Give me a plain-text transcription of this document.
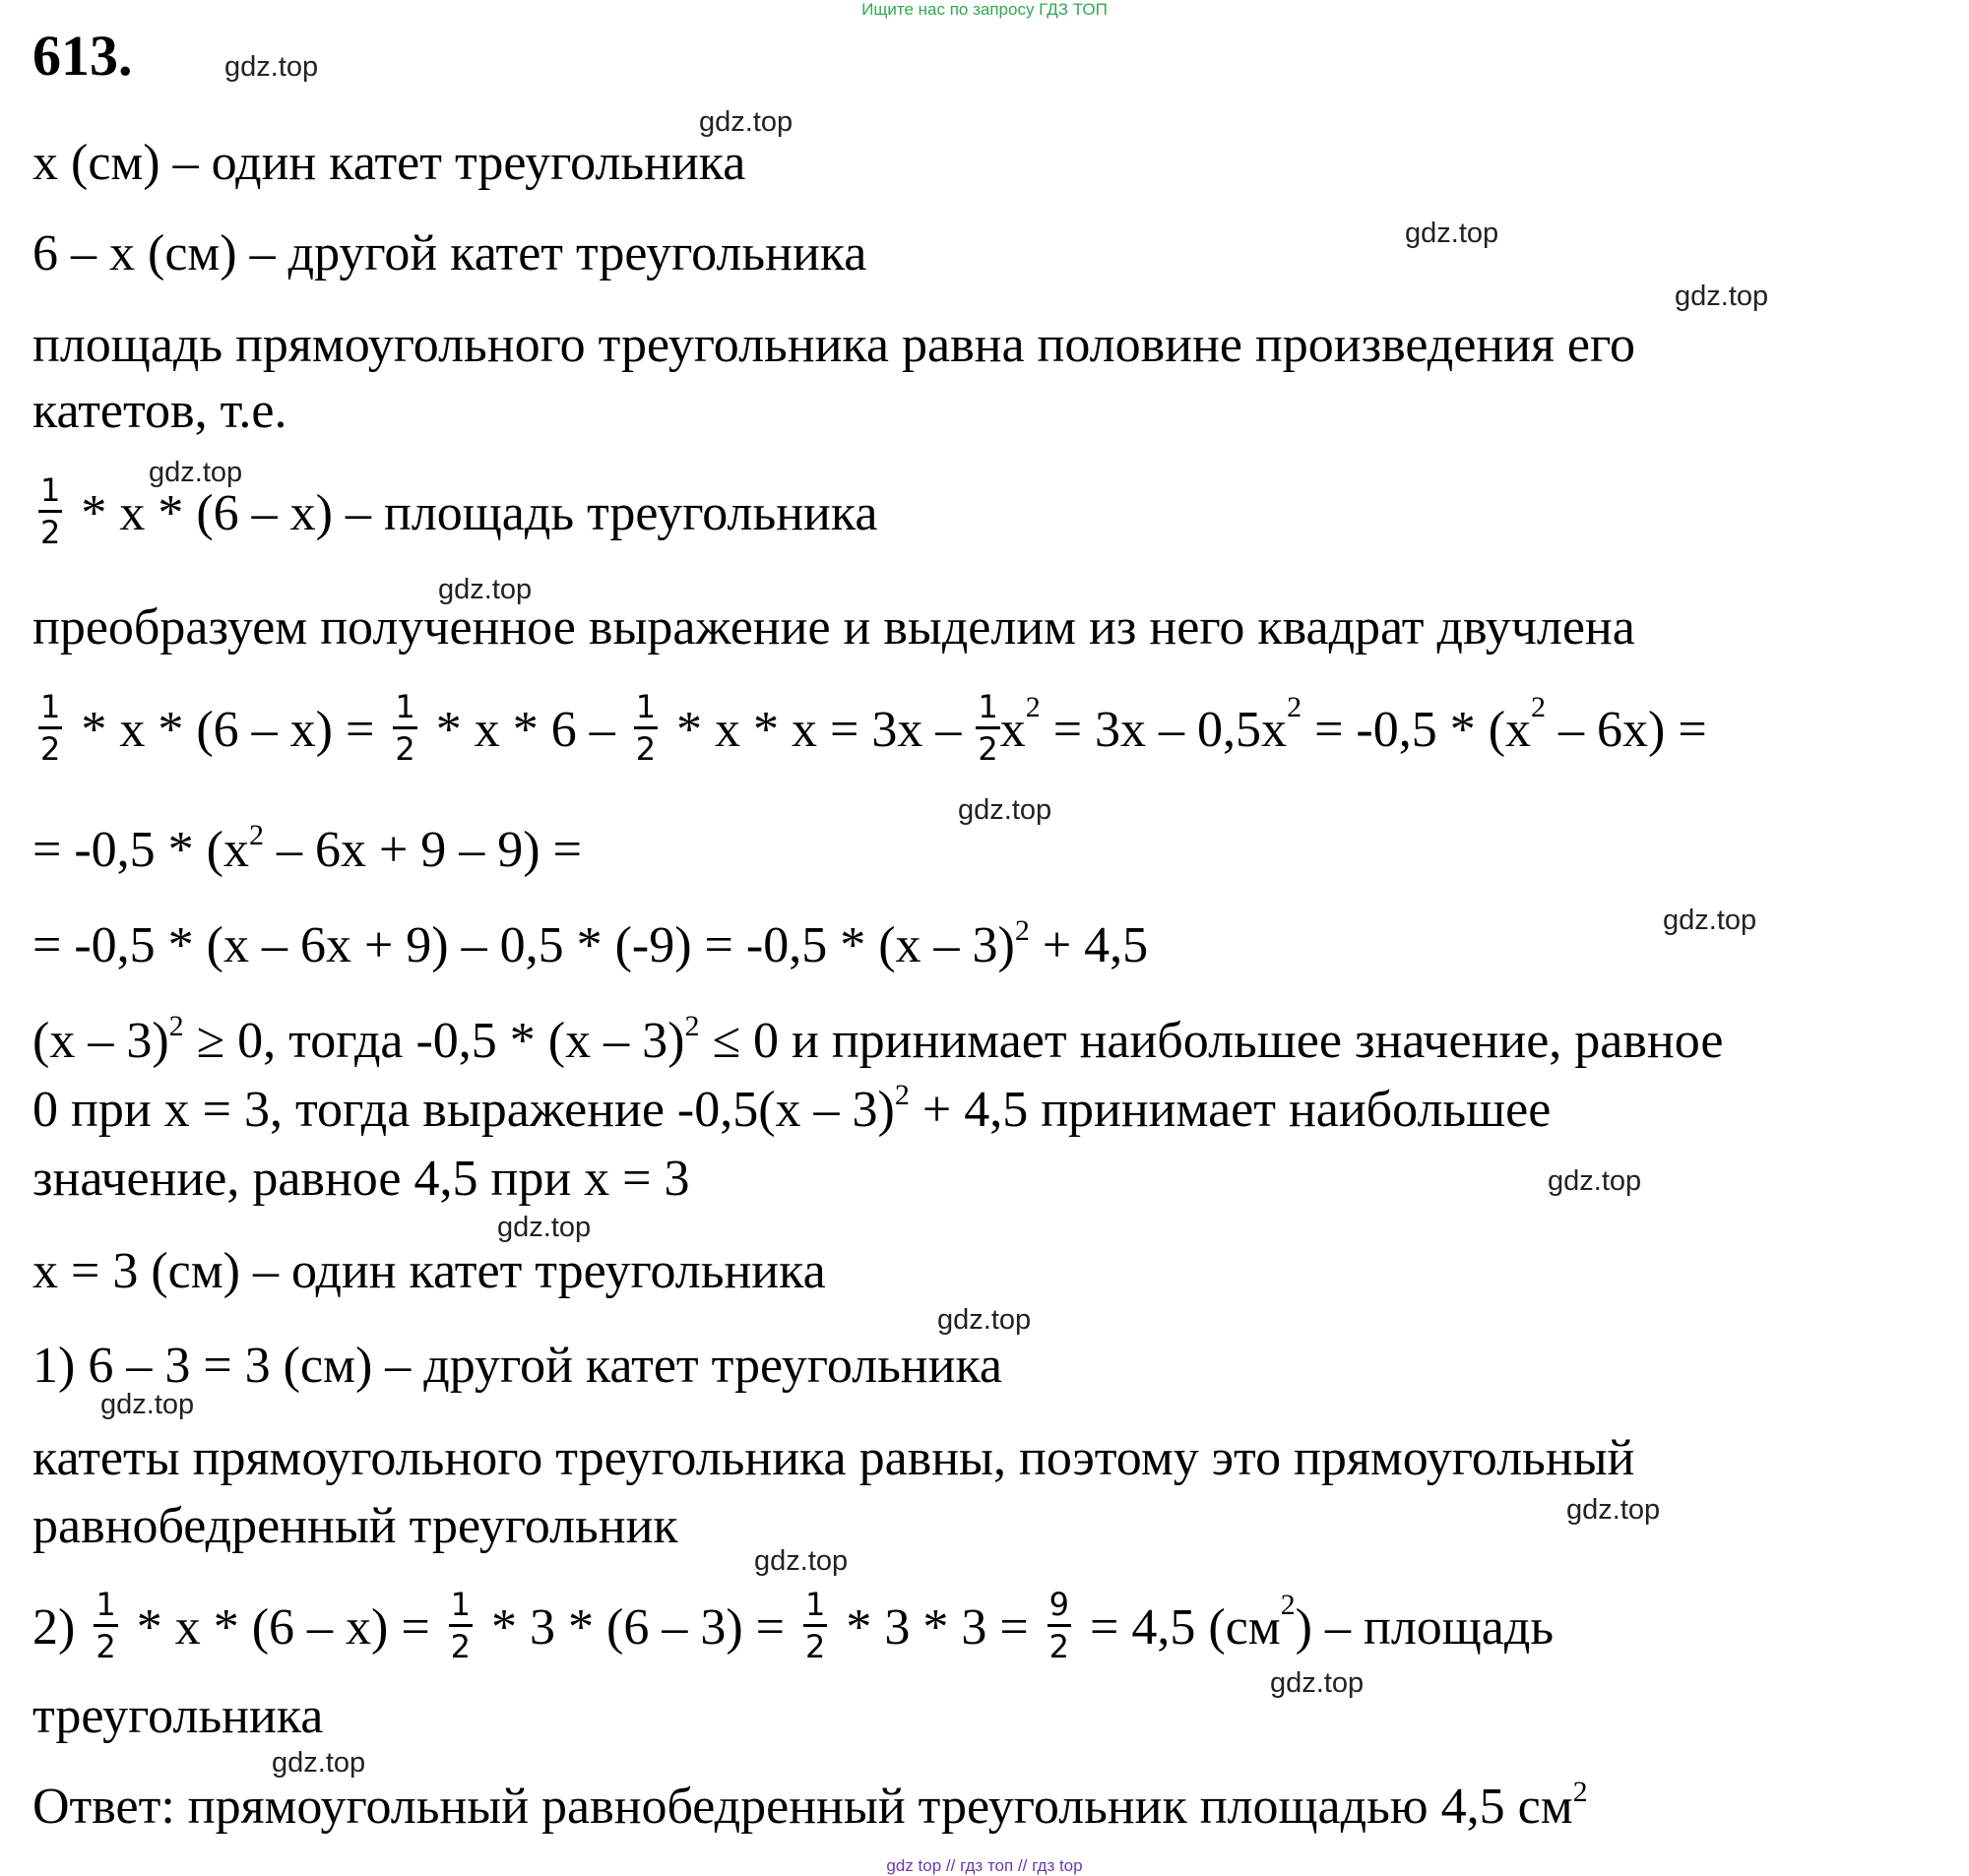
Ищите нас по запросу ГДЗ ТОП
613.	gdz.top
gdz.top
gdz.top
gdz.top
gdz.top
gdz.top
gdz.top
gdz.top
gdz.top
gdz.top
gdz.top
gdz.top
gdz.top
gdz.top
gdz.top
gdz.top
x (см) – один катет треугольника
6 – x (см) – другой катет треугольника
площадь прямоугольного треугольника равна половине произведения его
катетов, т.е.
$\frac{1}{2}$ * x * (6 – x) – площадь треугольника
преобразуем полученное выражение и выделим из него квадрат двучлена
$\frac{1}{2} * x * (6 - x) = \frac{1}{2} * x * 6 - \frac{1}{2} * x * x = 3x - \frac{1}{2} x^2 = 3x - 0,5x^2 = -0,5 * (x^2 - 6x)$ =
= $-0,5 * (x^2 - 6x + 9 - 9)$ =
= -0,5 * (x – 6x + 9) – 0,5 * (-9) = -0,5 * (x – 3)$^2$ + 4,5
(x – 3)$^2$ ≥ 0, тогда -0,5 * (x – 3)$^2$ ≤ 0 и принимает наибольшее значение, равное
0 при x = 3, тогда выражение -0,5(x – 3)$^2$ + 4,5 принимает наибольшее
значение, равное 4,5 при x = 3
x = 3 (см) – один катет треугольника
1) 6 – 3 = 3 (см) – другой катет треугольника
катеты прямоугольного треугольника равны, поэтому это прямоугольный
равнобедренный треугольник
$2) \frac{1}{2} * x * (6 - x) = \frac{1}{2} * 3 * (6 - 3) = \frac{1}{2} * 3 * 3 = \frac{9}{2} = 4,5$ $(см^2)$ – площадь
треугольника
Ответ: прямоугольный равнобедренный треугольник площадью 4,5 $см^2$
gdz top // гдз топ // гдз top
